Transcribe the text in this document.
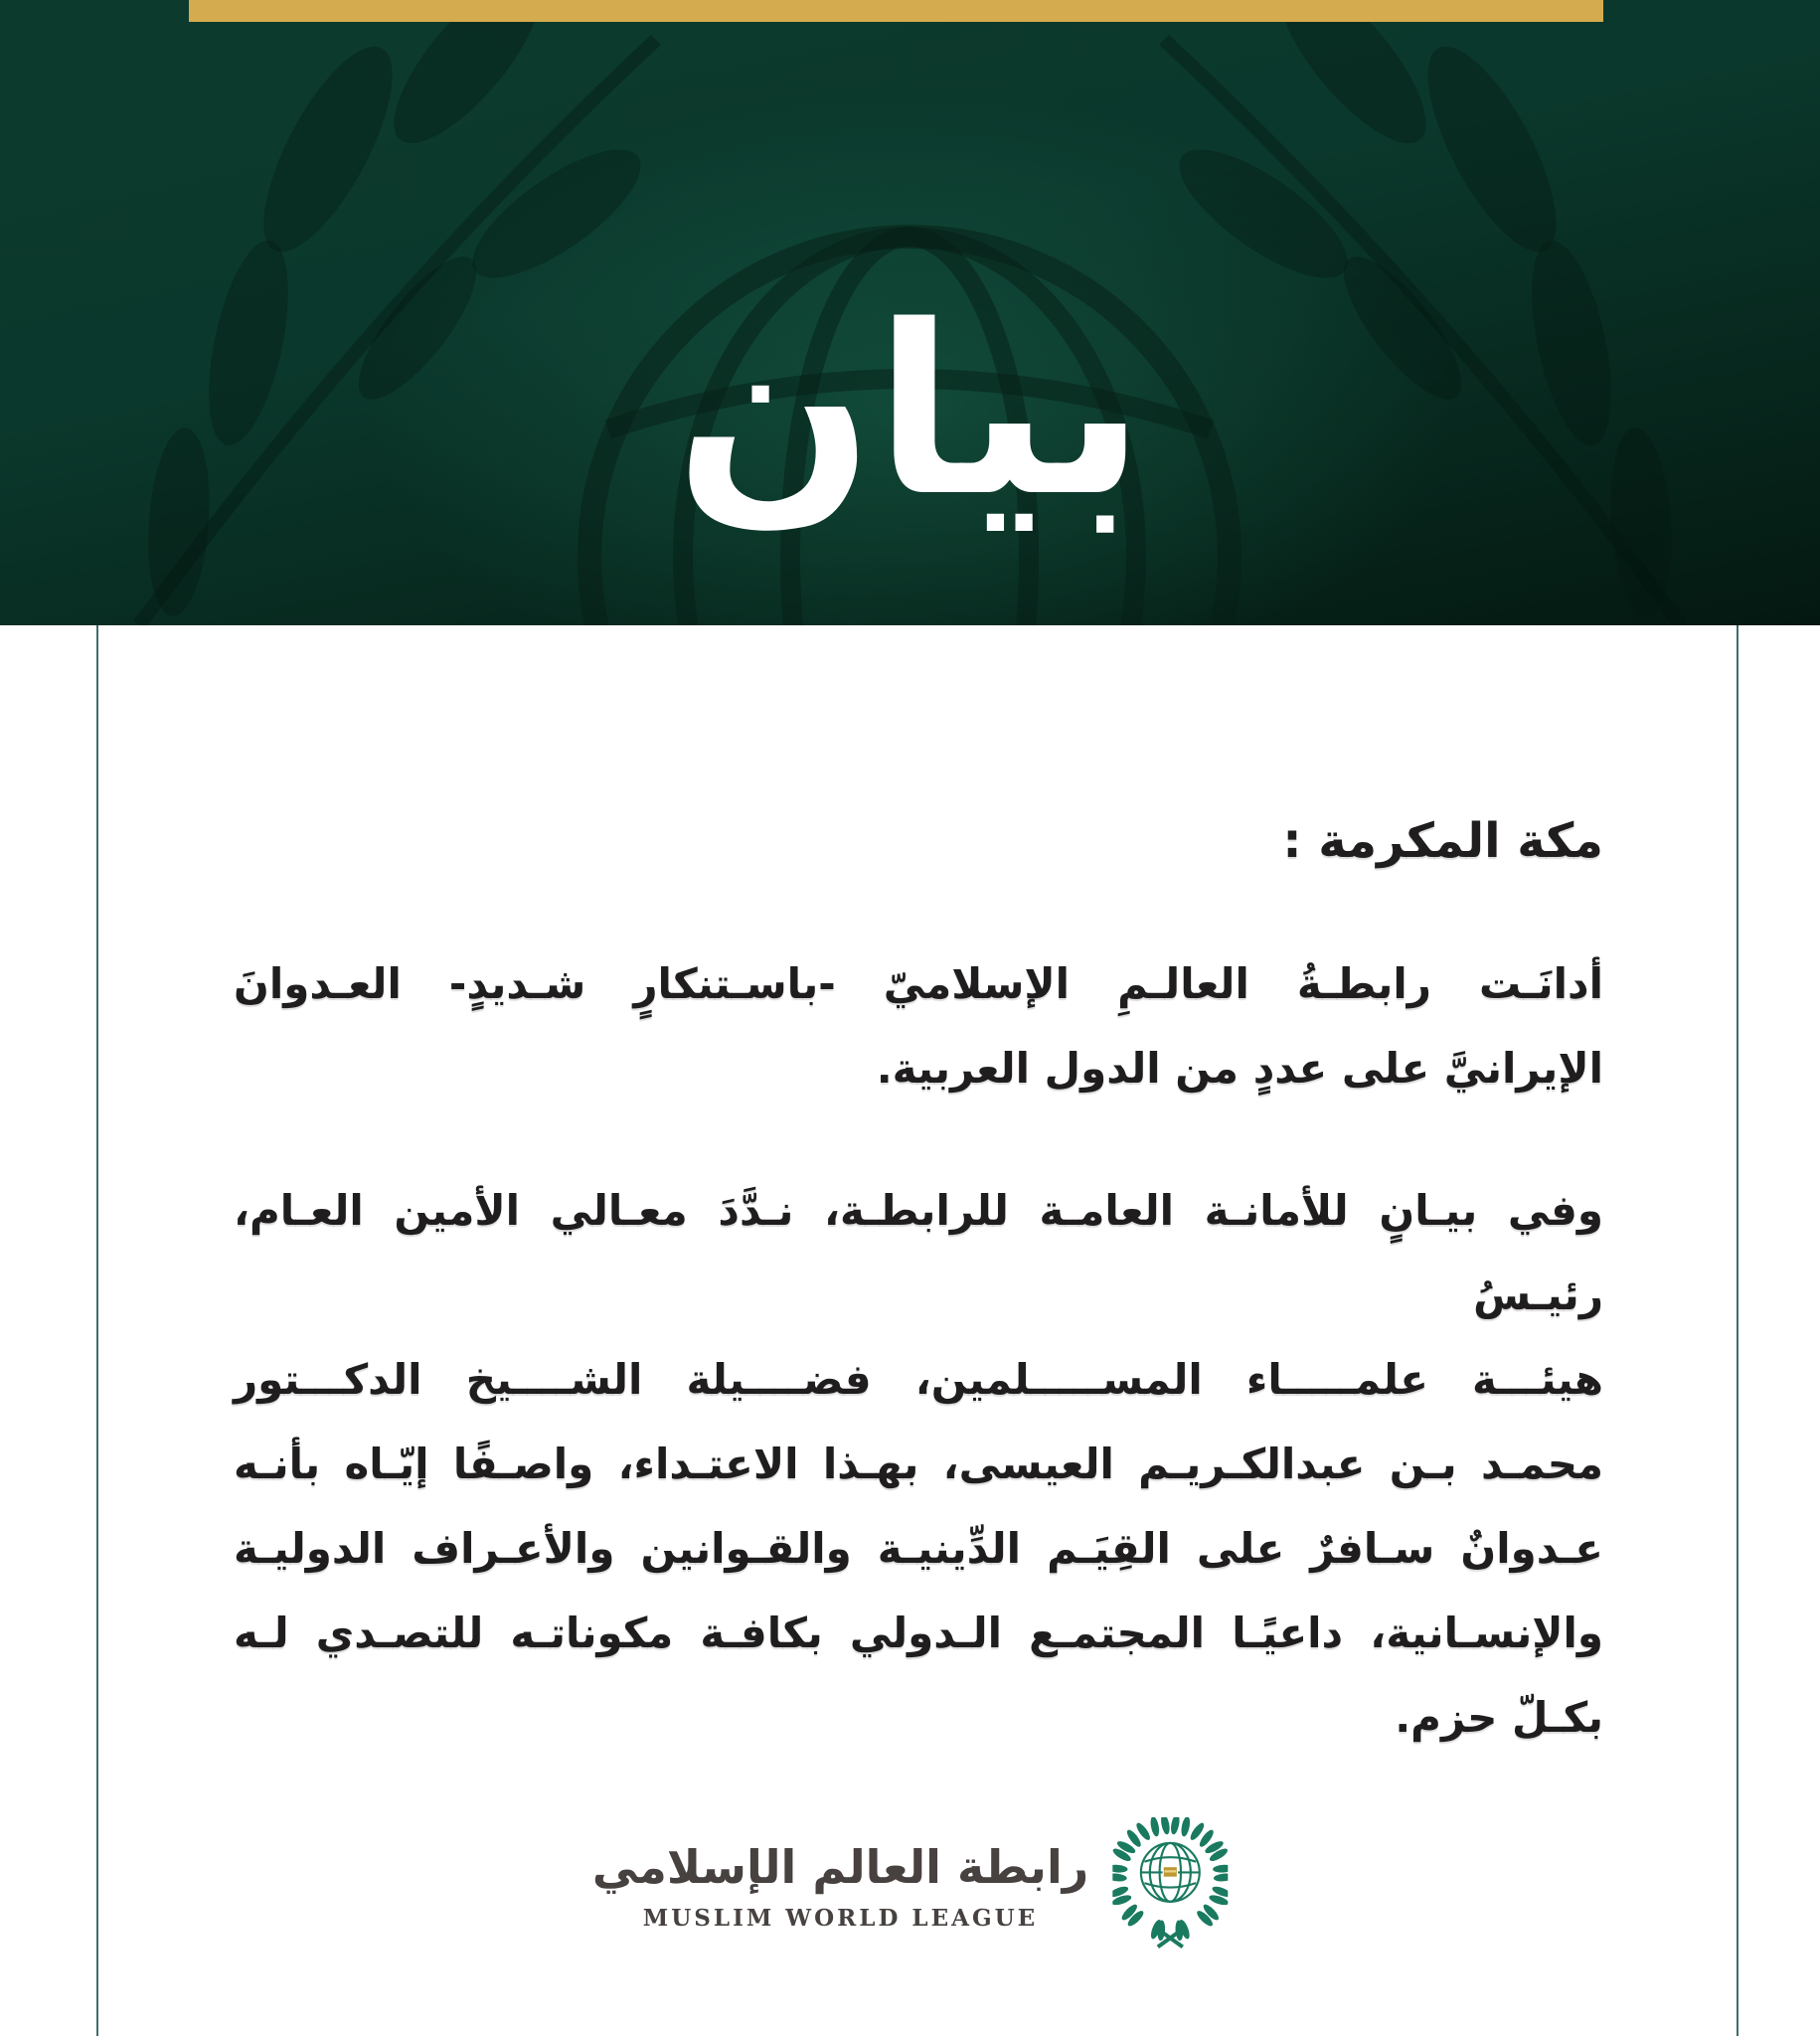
بيان
مكة المكرمة :
أدانَـت رابطـةُ العالـمِ الإسلاميّ -باسـتنكارٍ شـديدٍ- العـدوانَ
الإيرانيَّ على عددٍ من الدول العربية.
وفي بيـانٍ للأمانـة العامـة للرابطـة، نـدَّدَ معـالي الأمين العـام، رئيـسُ
هيئـــة علمـــــاء المســـــلمين، فضــــيلة الشــــيخ الدكـــتور
محمـد بـن عبدالكـريـم العيسى، بهـذا الاعتـداء، واصـفًا إيّـاه بأنـه
عـدوانٌ سـافرٌ على القِيَـم الدِّينيـة والقـوانين والأعـراف الدوليـة
والإنسـانية، داعيًـا المجتمـع الـدولي بكافـة مكوناتـه للتصـدي لـه
بكـلّ حزم.
رابطة العالم الإسلامي
MUSLIM WORLD LEAGUE
